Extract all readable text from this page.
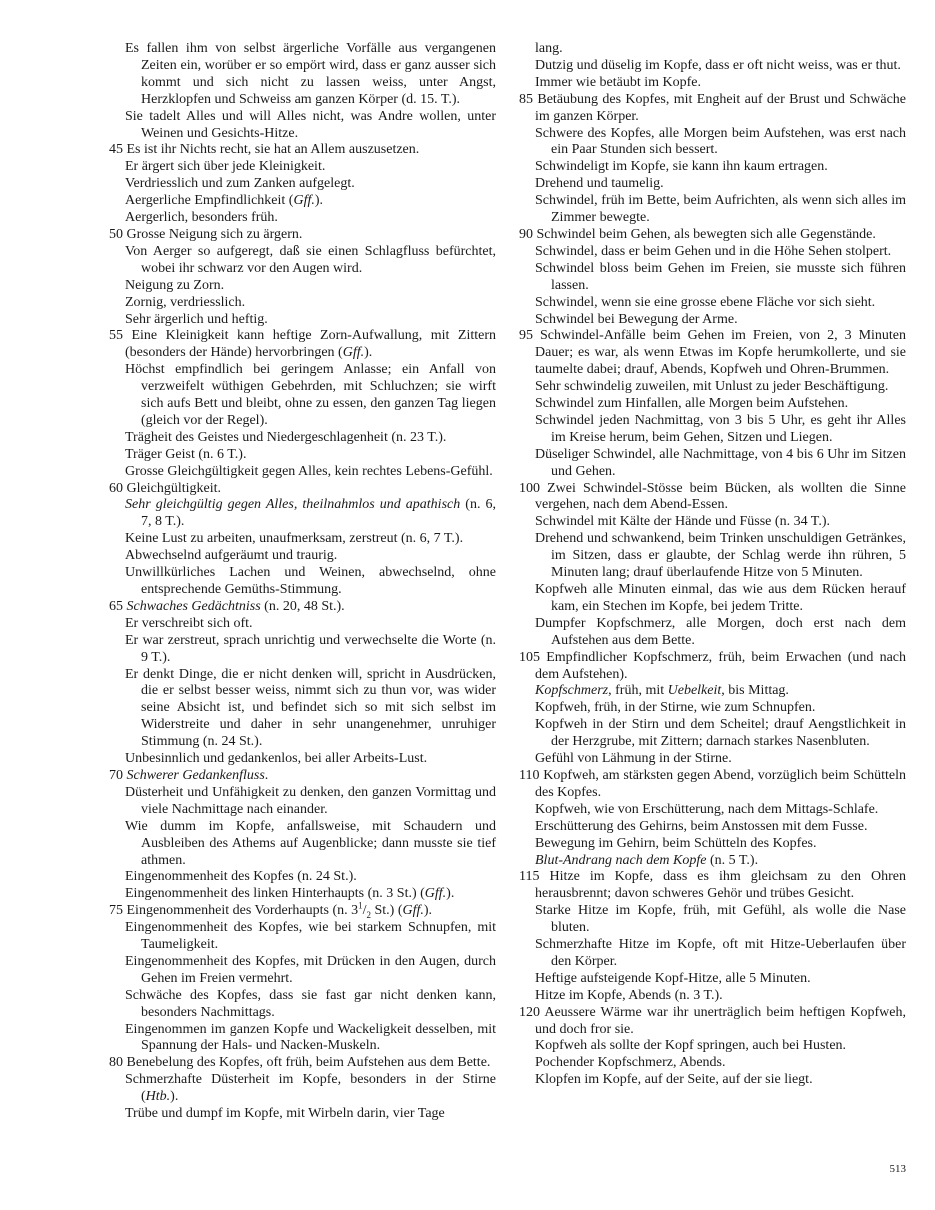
Es fallen ihm von selbst ärgerliche Vorfälle aus vergangenen Zeiten ein, worüber er so empört wird, dass er ganz ausser sich kommt und sich nicht zu lassen weiss, unter Angst, Herzklopfen und Schweiss am ganzen Körper (d. 15. T.).
Sie tadelt Alles und will Alles nicht, was Andre wollen, unter Weinen und Gesichts-Hitze.
45 Es ist ihr Nichts recht, sie hat an Allem auszusetzen.
Er ärgert sich über jede Kleinigkeit.
Verdriesslich und zum Zanken aufgelegt.
Aergerliche Empfindlichkeit (Gff.).
Aergerlich, besonders früh.
50 Grosse Neigung sich zu ärgern.
Von Aerger so aufgeregt, daß sie einen Schlagfluss befürchtet, wobei ihr schwarz vor den Augen wird.
Neigung zu Zorn.
Zornig, verdriesslich.
Sehr ärgerlich und heftig.
55 Eine Kleinigkeit kann heftige Zorn-Aufwallung, mit Zittern (besonders der Hände) hervorbringen (Gff.).
Höchst empfindlich bei geringem Anlasse; ein Anfall von verzweifelt wüthigen Gebehrden, mit Schluchzen; sie wirft sich aufs Bett und bleibt, ohne zu essen, den ganzen Tag liegen (gleich vor der Regel).
Trägheit des Geistes und Niedergeschlagenheit (n. 23 T.).
Träger Geist (n. 6 T.).
Grosse Gleichgültigkeit gegen Alles, kein rechtes Lebens-Gefühl.
60 Gleichgültigkeit.
Sehr gleichgültig gegen Alles, theilnahmlos und apathisch (n. 6, 7, 8 T.).
Keine Lust zu arbeiten, unaufmerksam, zerstreut (n. 6, 7 T.).
Abwechselnd aufgeräumt und traurig.
Unwillkürliches Lachen und Weinen, abwechselnd, ohne entsprechende Gemüths-Stimmung.
65 Schwaches Gedächtniss (n. 20, 48 St.).
Er verschreibt sich oft.
Er war zerstreut, sprach unrichtig und verwechselte die Worte (n. 9 T.).
Er denkt Dinge, die er nicht denken will, spricht in Ausdrücken, die er selbst besser weiss, nimmt sich zu thun vor, was wider seine Absicht ist, und befindet sich so mit sich selbst im Widerstreite und daher in sehr unangenehmer, unruhiger Stimmung (n. 24 St.).
Unbesinnlich und gedankenlos, bei aller Arbeits-Lust.
70 Schwerer Gedankenfluss.
Düsterheit und Unfähigkeit zu denken, den ganzen Vormittag und viele Nachmittage nach einander.
Wie dumm im Kopfe, anfallsweise, mit Schaudern und Ausbleiben des Athems auf Augenblicke; dann musste sie tief athmen.
Eingenommenheit des Kopfes (n. 24 St.).
Eingenommenheit des linken Hinterhaupts (n. 3 St.) (Gff.).
75 Eingenommenheit des Vorderhaupts (n. $3^1/_2$ St.) (Gff.).
Eingenommenheit des Kopfes, wie bei starkem Schnupfen, mit Taumeligkeit.
Eingenommenheit des Kopfes, mit Drücken in den Augen, durch Gehen im Freien vermehrt.
Schwäche des Kopfes, dass sie fast gar nicht denken kann, besonders Nachmittags.
Eingenommen im ganzen Kopfe und Wackeligkeit desselben, mit Spannung der Hals- und Nacken-Muskeln.
80 Benebelung des Kopfes, oft früh, beim Aufstehen aus dem Bette.
Schmerzhafte Düsterheit im Kopfe, besonders in der Stirne (Htb.).
Trübe und dumpf im Kopfe, mit Wirbeln darin, vier Tage
lang.
Dutzig und düselig im Kopfe, dass er oft nicht weiss, was er thut.
Immer wie betäubt im Kopfe.
85 Betäubung des Kopfes, mit Engheit auf der Brust und Schwäche im ganzen Körper.
Schwere des Kopfes, alle Morgen beim Aufstehen, was erst nach ein Paar Stunden sich bessert.
Schwindeligt im Kopfe, sie kann ihn kaum ertragen.
Drehend und taumelig.
Schwindel, früh im Bette, beim Aufrichten, als wenn sich alles im Zimmer bewegte.
90 Schwindel beim Gehen, als bewegten sich alle Gegenstände.
Schwindel, dass er beim Gehen und in die Höhe Sehen stolpert.
Schwindel bloss beim Gehen im Freien, sie musste sich führen lassen.
Schwindel, wenn sie eine grosse ebene Fläche vor sich sieht.
Schwindel bei Bewegung der Arme.
95 Schwindel-Anfälle beim Gehen im Freien, von 2, 3 Minuten Dauer; es war, als wenn Etwas im Kopfe herumkollerte, und sie taumelte dabei; drauf, Abends, Kopfweh und Ohren-Brummen.
Sehr schwindelig zuweilen, mit Unlust zu jeder Beschäftigung.
Schwindel zum Hinfallen, alle Morgen beim Aufstehen.
Schwindel jeden Nachmittag, von 3 bis 5 Uhr, es geht ihr Alles im Kreise herum, beim Gehen, Sitzen und Liegen.
Düseliger Schwindel, alle Nachmittage, von 4 bis 6 Uhr im Sitzen und Gehen.
100 Zwei Schwindel-Stösse beim Bücken, als wollten die Sinne vergehen, nach dem Abend-Essen.
Schwindel mit Kälte der Hände und Füsse (n. 34 T.).
Drehend und schwankend, beim Trinken unschuldigen Getränkes, im Sitzen, dass er glaubte, der Schlag werde ihn rühren, 5 Minuten lang; drauf überlaufende Hitze von 5 Minuten.
Kopfweh alle Minuten einmal, das wie aus dem Rücken herauf kam, ein Stechen im Kopfe, bei jedem Tritte.
Dumpfer Kopfschmerz, alle Morgen, doch erst nach dem Aufstehen aus dem Bette.
105 Empfindlicher Kopfschmerz, früh, beim Erwachen (und nach dem Aufstehen).
Kopfschmerz, früh, mit Uebelkeit, bis Mittag.
Kopfweh, früh, in der Stirne, wie zum Schnupfen.
Kopfweh in der Stirn und dem Scheitel; drauf Aengstlichkeit in der Herzgrube, mit Zittern; darnach starkes Nasenbluten.
Gefühl von Lähmung in der Stirne.
110 Kopfweh, am stärksten gegen Abend, vorzüglich beim Schütteln des Kopfes.
Kopfweh, wie von Erschütterung, nach dem Mittags-Schlafe.
Erschütterung des Gehirns, beim Anstossen mit dem Fusse.
Bewegung im Gehirn, beim Schütteln des Kopfes.
Blut-Andrang nach dem Kopfe (n. 5 T.).
115 Hitze im Kopfe, dass es ihm gleichsam zu den Ohren herausbrennt; davon schweres Gehör und trübes Gesicht.
Starke Hitze im Kopfe, früh, mit Gefühl, als wolle die Nase bluten.
Schmerzhafte Hitze im Kopfe, oft mit Hitze-Ueberlaufen über den Körper.
Heftige aufsteigende Kopf-Hitze, alle 5 Minuten.
Hitze im Kopfe, Abends (n. 3 T.).
120 Aeussere Wärme war ihr unerträglich beim heftigen Kopfweh, und doch fror sie.
Kopfweh als sollte der Kopf springen, auch bei Husten.
Pochender Kopfschmerz, Abends.
Klopfen im Kopfe, auf der Seite, auf der sie liegt.
513
